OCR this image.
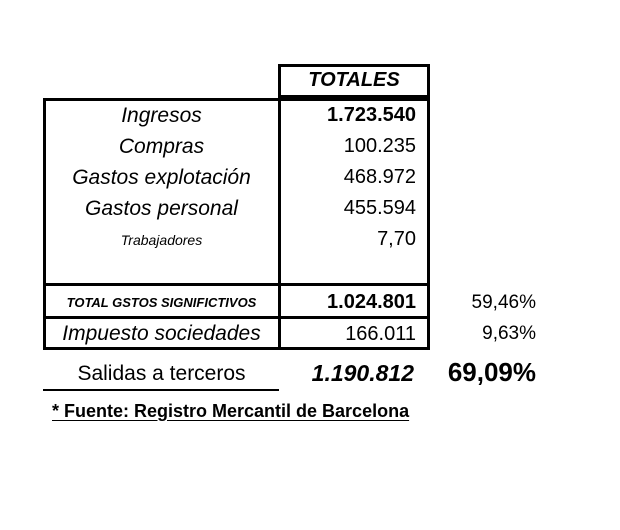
TOTALES
Ingresos
Compras
Gastos explotación
Gastos personal
Trabajadores
TOTAL GSTOS SIGNIFICTIVOS
Impuesto sociedades
1.723.540
100.235
468.972
455.594
7,70
1.024.801
166.011
59,46%
9,63%
Salidas a terceros	1.190.812	69,09%
* Fuente: Registro Mercantil de Barcelona
